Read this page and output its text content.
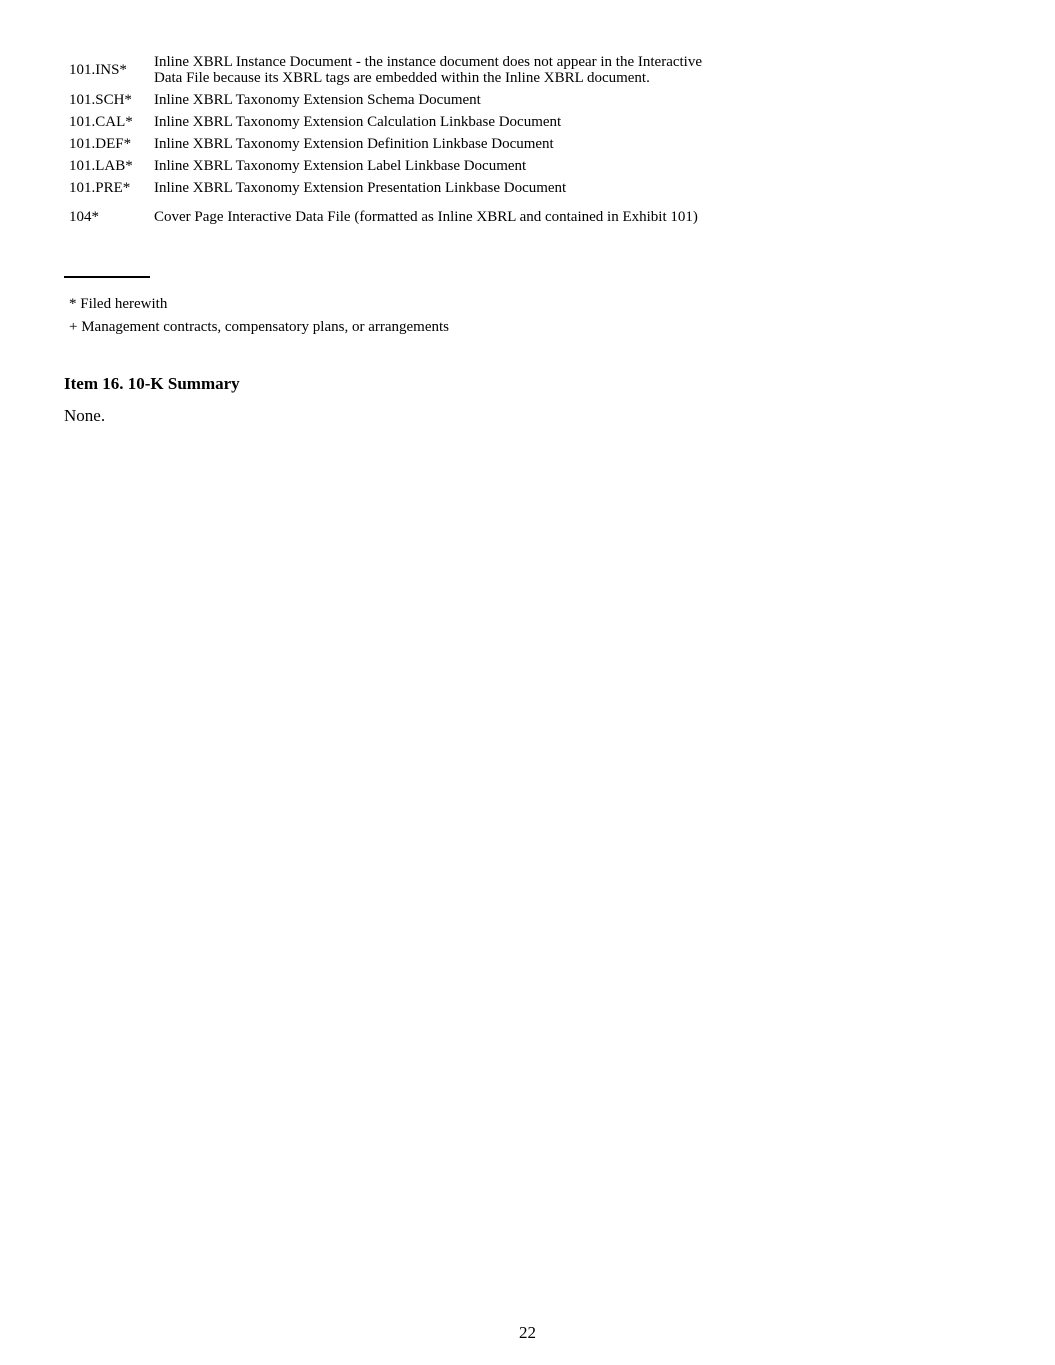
101.INS*	Inline XBRL Instance Document - the instance document does not appear in the Interactive Data File because its XBRL tags are embedded within the Inline XBRL document.
101.SCH*	Inline XBRL Taxonomy Extension Schema Document
101.CAL*	Inline XBRL Taxonomy Extension Calculation Linkbase Document
101.DEF*	Inline XBRL Taxonomy Extension Definition Linkbase Document
101.LAB*	Inline XBRL Taxonomy Extension Label Linkbase Document
101.PRE*	Inline XBRL Taxonomy Extension Presentation Linkbase Document
104*	Cover Page Interactive Data File (formatted as Inline XBRL and contained in Exhibit 101)
* Filed herewith
+ Management contracts, compensatory plans, or arrangements
Item 16. 10-K Summary
None.
22
